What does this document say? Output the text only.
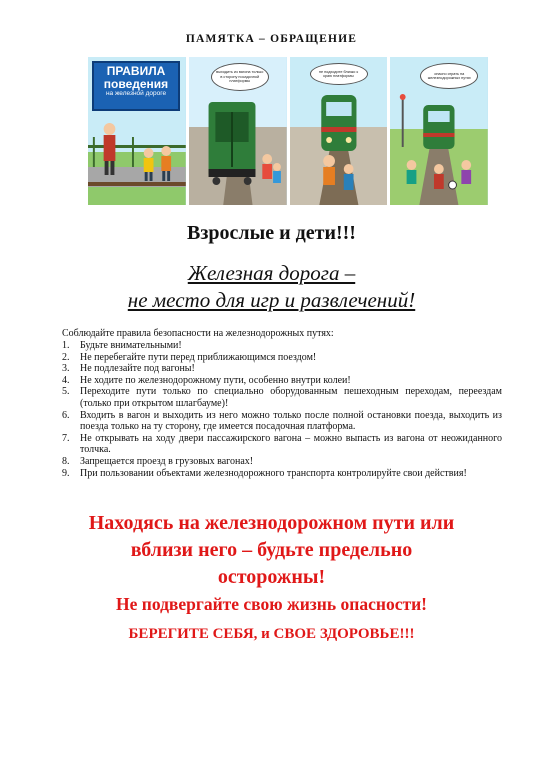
ПАМЯТКА – ОБРАЩЕНИЕ
ПРАВИЛА
поведения
на железной дороге
выходить из вагона только в сторону посадочной платформы
не подходите близко к краю платформы
опасно играть на железнодорожных путях
Взрослые и дети!!!
Железная дорога –
не место для игр и развлечений!
Соблюдайте правила безопасности на железнодорожных путях:
1.	Будьте внимательными!
2.	Не перебегайте пути перед приближающимся поездом!
3.	Не подлезайте под вагоны!
4.	Не ходите по железнодорожному пути, особенно внутри колеи!
5.	Переходите пути только по специально оборудованным пешеходным переходам, переездам (только при открытом шлагбауме)!
6.	Входить в вагон и выходить из него можно только после полной остановки поезда, выходить из поезда только на ту сторону, где имеется посадочная платформа.
7.	Не открывать на ходу двери пассажирского вагона – можно выпасть из вагона от неожиданного толчка.
8.	Запрещается проезд в грузовых вагонах!
9.	При пользовании объектами железнодорожного транспорта контролируйте свои действия!
Находясь на железнодорожном пути или
вблизи него – будьте предельно
осторожны!
Не подвергайте свою жизнь опасности!
БЕРЕГИТЕ СЕБЯ, и СВОЕ ЗДОРОВЬЕ!!!
